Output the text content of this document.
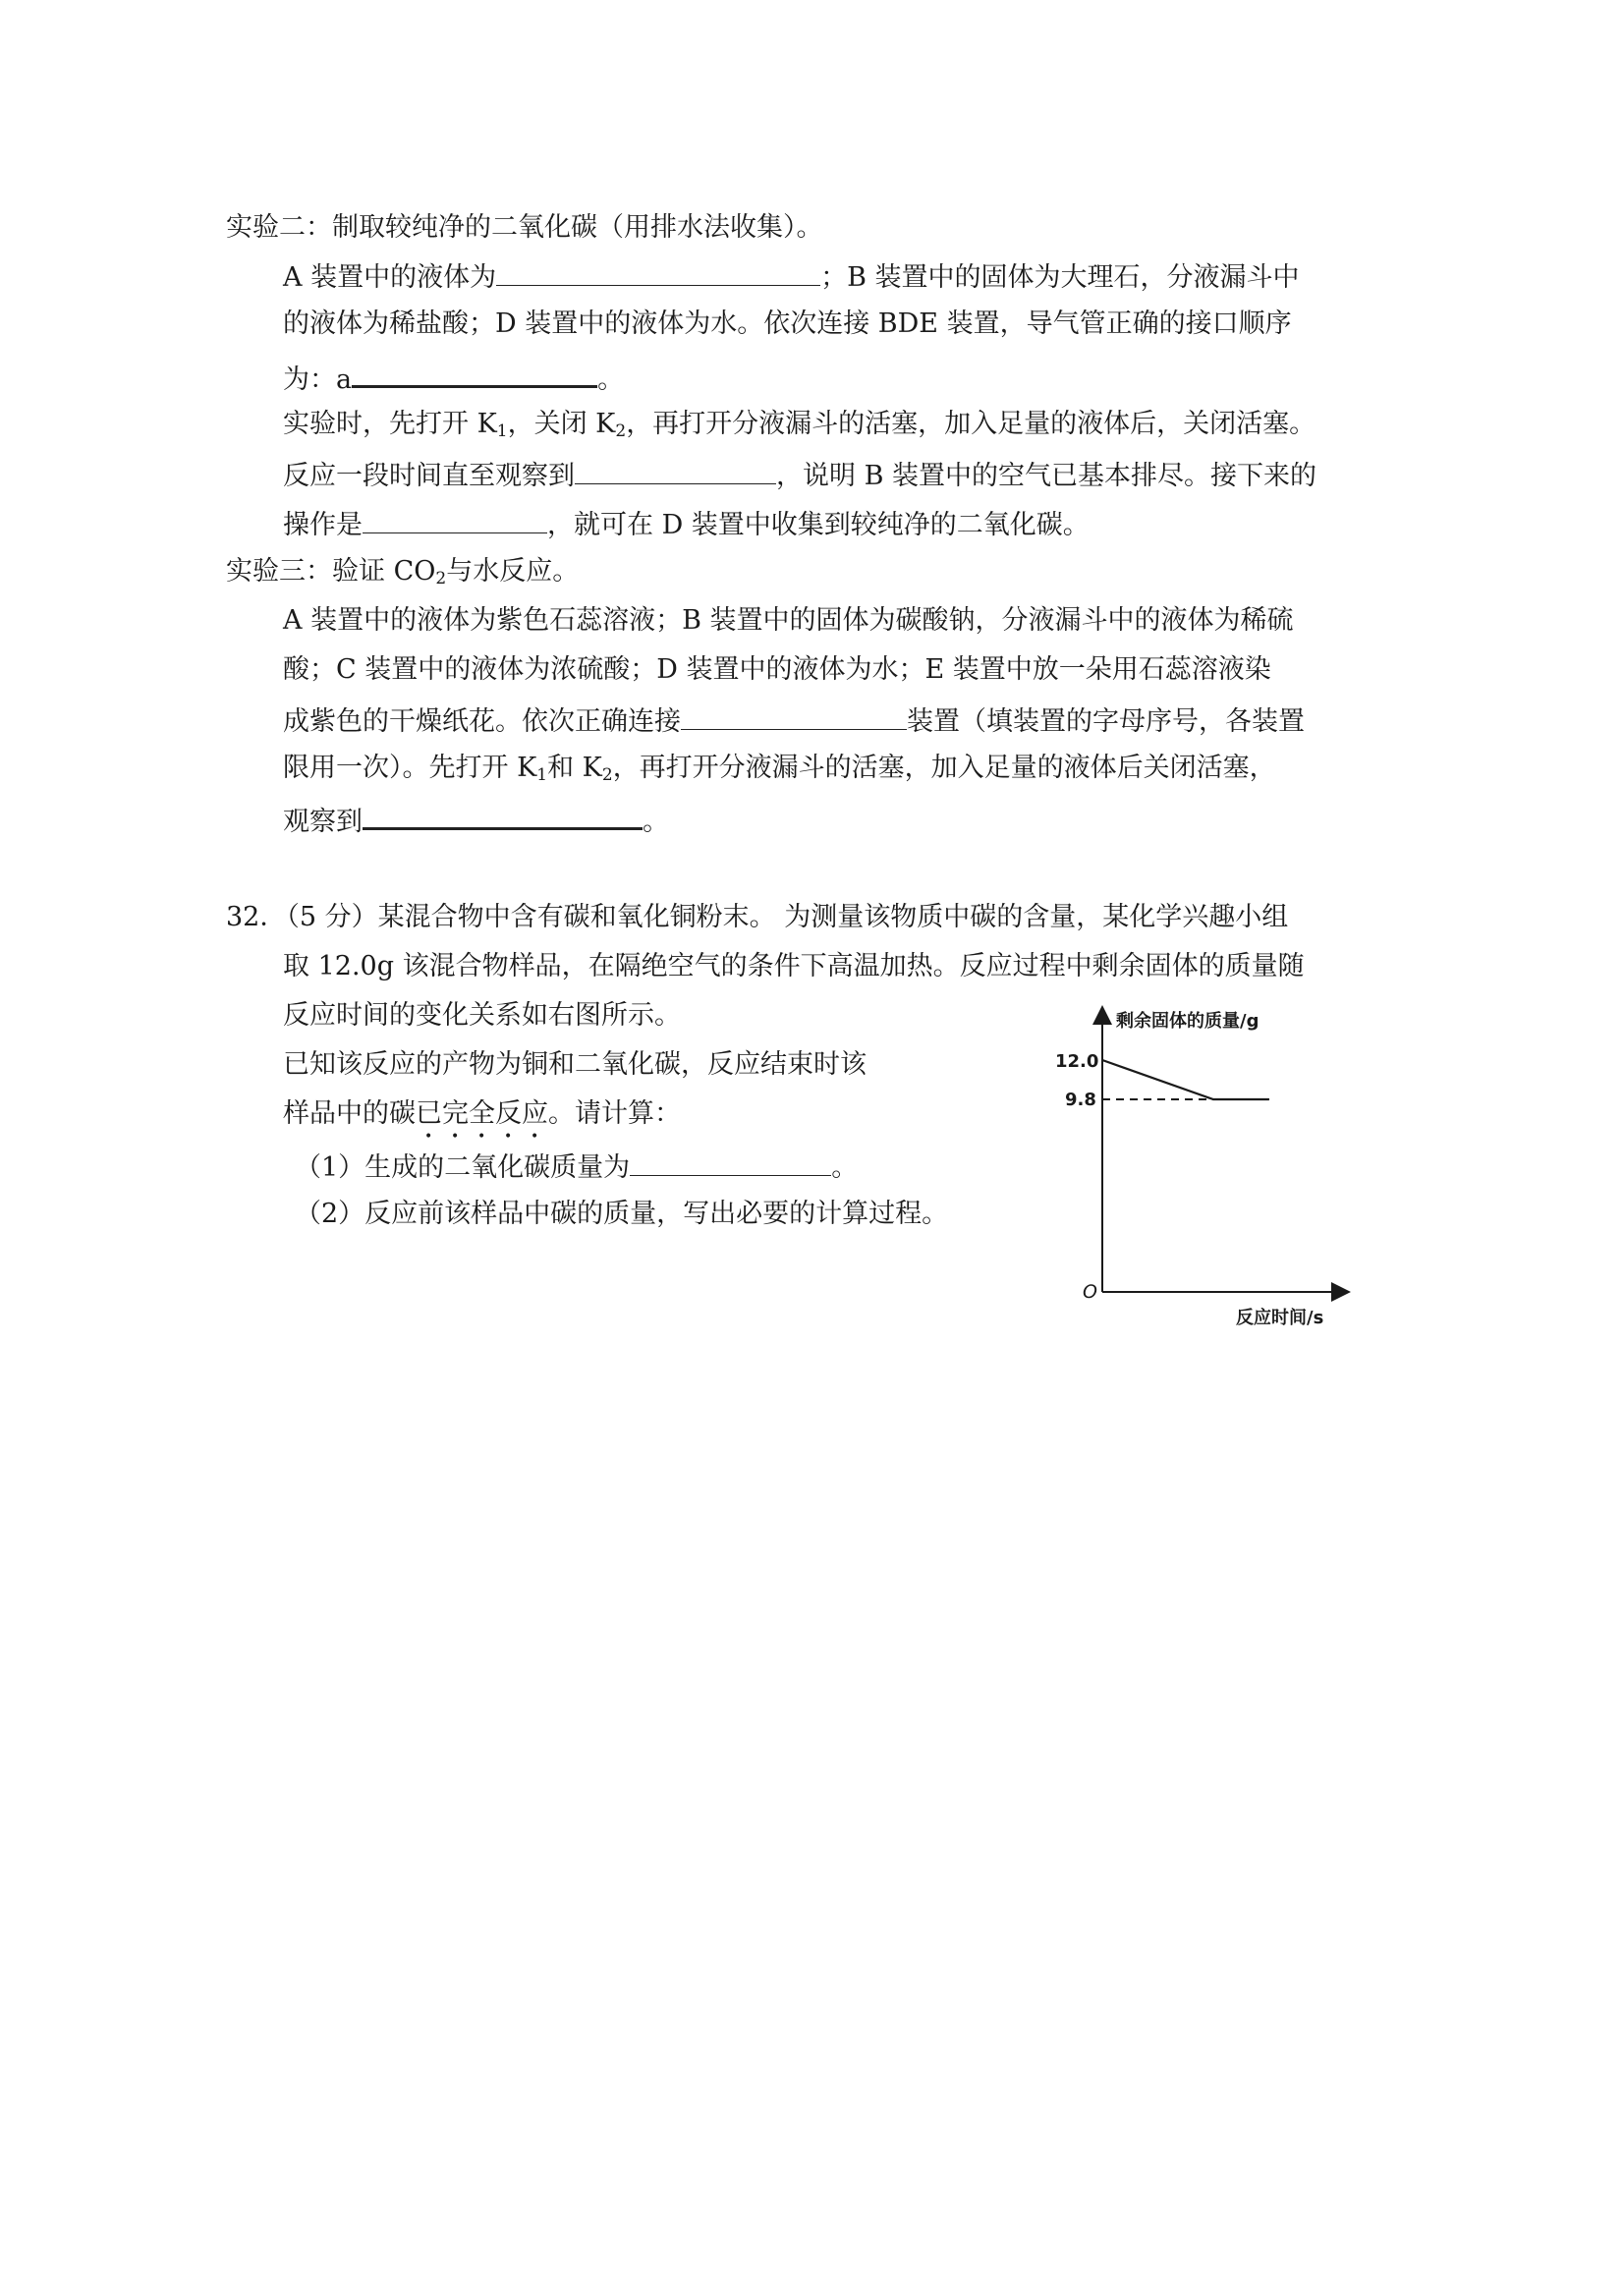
实验二：制取较纯净的二氧化碳（用排水法收集）。
A 装置中的液体为	；B 装置中的固体为大理石，分液漏斗中
的液体为稀盐酸；D 装置中的液体为水。依次连接 BDE 装置，导气管正确的接口顺序
为：a	。
实验时，先打开 $K_1$，关闭 $K_2$，再打开分液漏斗的活塞，加入足量的液体后，关闭活塞。
反应一段时间直至观察到	，说明 B 装置中的空气已基本排尽。接下来的
操作是	，就可在 D 装置中收集到较纯净的二氧化碳。
实验三：验证 $CO_2$与水反应。
A 装置中的液体为紫色石蕊溶液；B 装置中的固体为碳酸钠，分液漏斗中的液体为稀硫
酸；C 装置中的液体为浓硫酸；D 装置中的液体为水；E 装置中放一朵用石蕊溶液染
成紫色的干燥纸花。依次正确连接	装置（填装置的字母序号，各装置
限用一次）。先打开 $K_1$和 $K_2$，再打开分液漏斗的活塞，加入足量的液体后关闭活塞，
观察到	。
32．（5 分）某混合物中含有碳和氧化铜粉末。 为测量该物质中碳的含量，某化学兴趣小组
取 12.0g 该混合物样品，在隔绝空气的条件下高温加热。反应过程中剩余固体的质量随
反应时间的变化关系如右图所示。
已知该反应的产物为铜和二氧化碳，反应结束时该
样品中的碳已完全反应。请计算：
（1）生成的二氧化碳质量为	。
（2）反应前该样品中碳的质量，写出必要的计算过程。
剩余固体的质量/g
反应时间/s
O
12.0
9.8
